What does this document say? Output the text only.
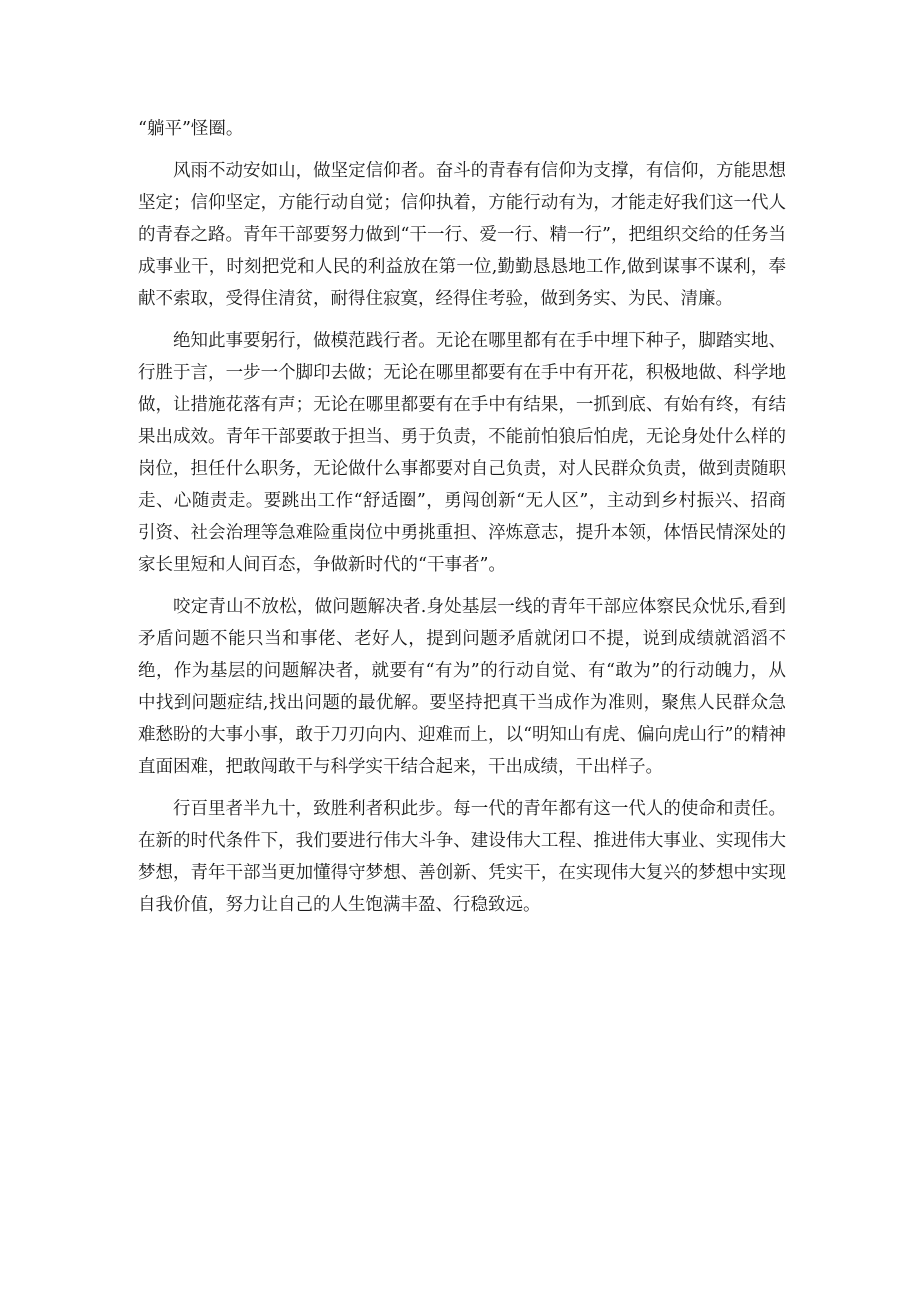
“躺平”怪圈。

风雨不动安如山，做坚定信仰者。奋斗的青春有信仰为支撑，有信仰，方能思想坚定；信仰坚定，方能行动自觉；信仰执着，方能行动有为，才能走好我们这一代人的青春之路。青年干部要努力做到“干一行、爱一行、精一行”，把组织交给的任务当成事业干，时刻把党和人民的利益放在第一位,勤勤恳恳地工作,做到谋事不谋利，奉献不索取，受得住清贫，耐得住寂寞，经得住考验，做到务实、为民、清廉。

绝知此事要躬行，做模范践行者。无论在哪里都有在手中埋下种子，脚踏实地、行胜于言，一步一个脚印去做；无论在哪里都要有在手中有开花，积极地做、科学地做，让措施花落有声；无论在哪里都要有在手中有结果，一抓到底、有始有终，有结果出成效。青年干部要敢于担当、勇于负责，不能前怕狼后怕虎，无论身处什么样的岗位，担任什么职务，无论做什么事都要对自己负责，对人民群众负责，做到责随职走、心随责走。要跳出工作“舒适圈”，勇闯创新“无人区”，主动到乡村振兴、招商引资、社会治理等急难险重岗位中勇挑重担、淬炼意志，提升本领，体悟民情深处的家长里短和人间百态，争做新时代的“干事者”。

咬定青山不放松，做问题解决者.身处基层一线的青年干部应体察民众忧乐,看到矛盾问题不能只当和事佬、老好人，提到问题矛盾就闭口不提，说到成绩就滔滔不绝，作为基层的问题解决者，就要有“有为”的行动自觉、有“敢为”的行动魄力，从中找到问题症结,找出问题的最优解。要坚持把真干当成作为准则，聚焦人民群众急难愁盼的大事小事，敢于刀刃向内、迎难而上，以“明知山有虎、偏向虎山行”的精神直面困难，把敢闯敢干与科学实干结合起来，干出成绩，干出样子。

行百里者半九十，致胜利者积此步。每一代的青年都有这一代人的使命和责任。在新的时代条件下，我们要进行伟大斗争、建设伟大工程、推进伟大事业、实现伟大梦想，青年干部当更加懂得守梦想、善创新、凭实干，在实现伟大复兴的梦想中实现自我价值，努力让自己的人生饱满丰盈、行稳致远。
